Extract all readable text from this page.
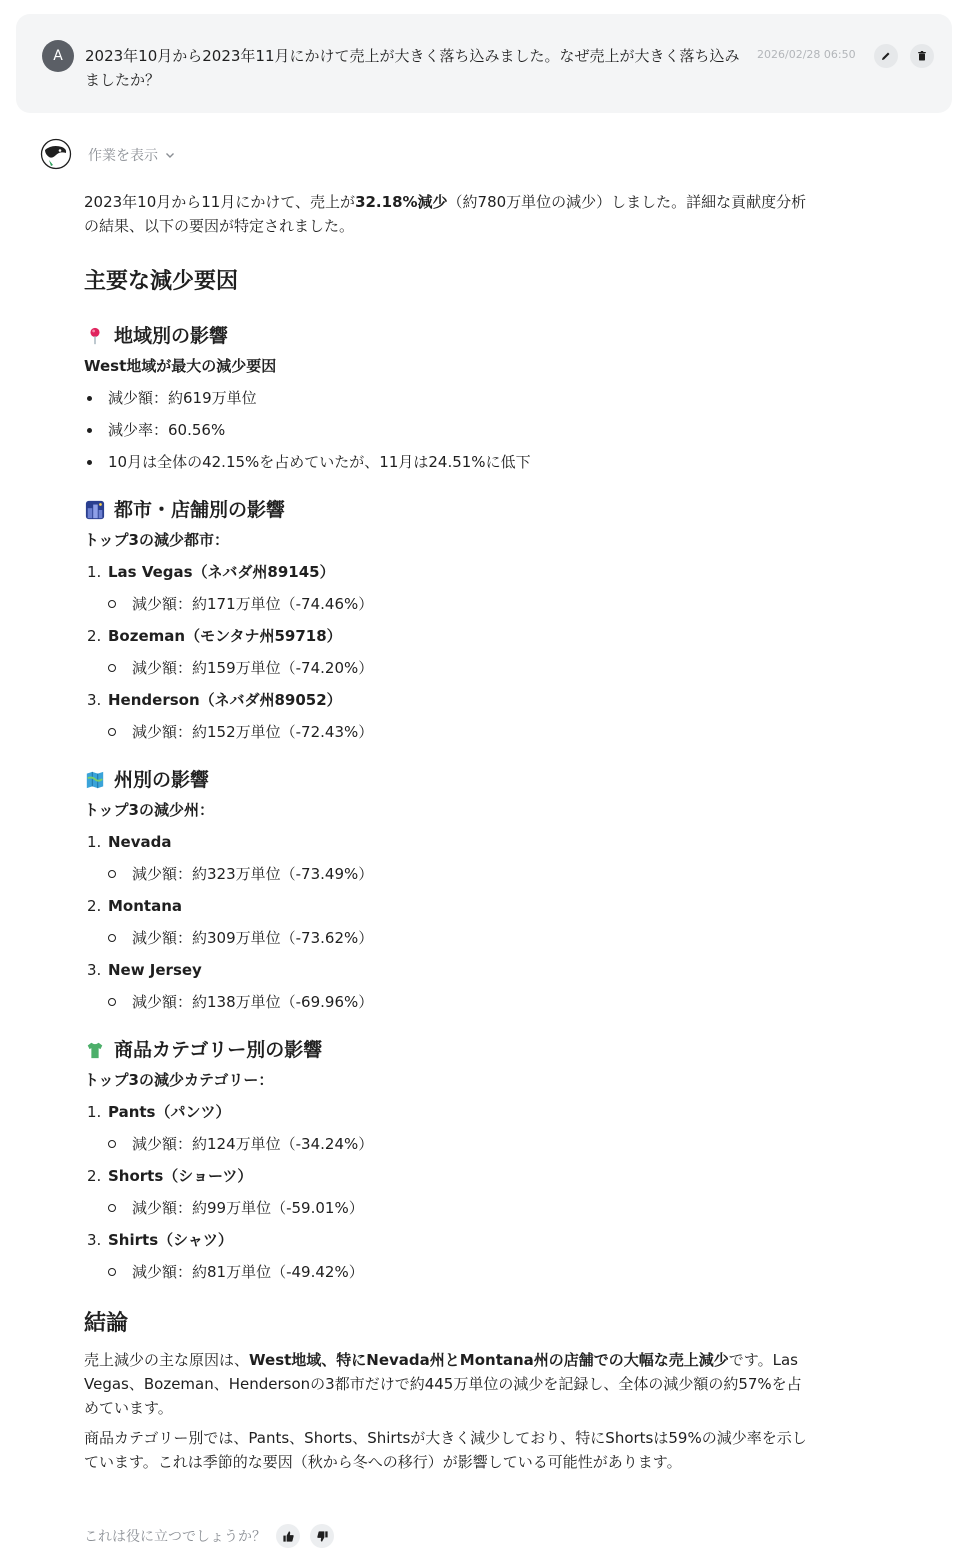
A	2023年10月から2023年11月にかけて売上が大きく落ち込みました。なぜ売上が大きく落ち込みましたか？
2026/02/28 06:50
作業を表示

2023年10月から11月にかけて、売上が32.18%減少（約780万単位の減少）しました。詳細な貢献度分析の結果、以下の要因が特定されました。

主要な減少要因
地域別の影響

West地域が最大の減少要因

減少額：約619万単位
減少率：60.56%
10月は全体の42.15%を占めていたが、11月は24.51%に低下
都市・店舗別の影響

トップ3の減少都市：

1. Las Vegas（ネバダ州89145）
減少額：約171万単位（-74.46%）
2. Bozeman（モンタナ州59718）
減少額：約159万単位（-74.20%）
3. Henderson（ネバダ州89052）
減少額：約152万単位（-72.43%）
州別の影響

トップ3の減少州：

1. Nevada
減少額：約323万単位（-73.49%）
2. Montana
減少額：約309万単位（-73.62%）
3. New Jersey
減少額：約138万単位（-69.96%）
商品カテゴリー別の影響

トップ3の減少カテゴリー：

1. Pants（パンツ）
減少額：約124万単位（-34.24%）
2. Shorts（ショーツ）
減少額：約99万単位（-59.01%）
3. Shirts（シャツ）
減少額：約81万単位（-49.42%）
結論

売上減少の主な原因は、West地域、特にNevada州とMontana州の店舗での大幅な売上減少です。Las Vegas、Bozeman、Hendersonの3都市だけで約445万単位の減少を記録し、全体の減少額の約57%を占めています。

商品カテゴリー別では、Pants、Shorts、Shirtsが大きく減少しており、特にShortsは59%の減少率を示しています。これは季節的な要因（秋から冬への移行）が影響している可能性があります。

これは役に立つでしょうか？
